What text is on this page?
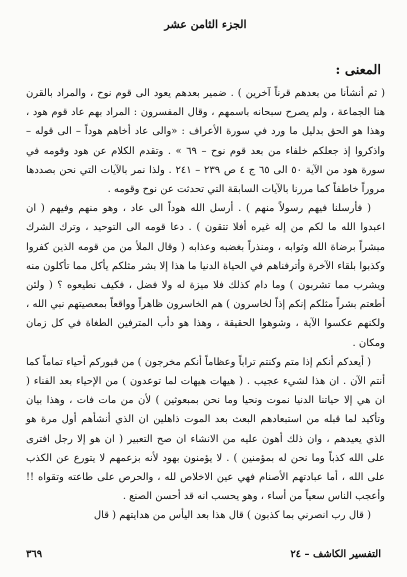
الجزء الثامن عشر
المعنى :

( ثم أنشأنا من بعدهم قرناً آخرين ) . ضمير بعدهم يعود الى قوم نوح ، والمراد بالقرن هنا الجماعة ، ولم يصرح سبحانه باسمهم ، وقال المفسرون : المراد بهم عاد قوم هود ، وهذا هو الحق بدليل ما ورد في سورة الأعراف : «والى عاد أخاهم هوداً – الى قوله – واذكروا إذ جعلكم خلفاء من بعد قوم نوح – ٦٩ » . وتقدم الكلام عن هود وقومه في سورة هود من الآية ٥٠ الى ٦٥ ج ٤ ص ٢٣٩ – ٢٤١ . ولذا نمر بالآيات التي نحن بصددها مروراً خاطفاً كما مررنا بالآيات السابقة التي تحدثت عن نوح وقومه .

( فأرسلنا فيهم رسولاً منهم ) . أرسل الله هوداً الى عاد ، وهو منهم وفيهم ( ان اعبدوا الله ما لكم من إله غيره أفلا تتقون ) . دعا قومه الى التوحيد ، وترك الشرك مبشراً برضاة الله وثوابه ، ومنذراً بغضبه وعذابه ( وقال الملأ من من قومه الذين كفروا وكذبوا بلقاء الآخرة وأترفناهم في الحياة الدنيا ما هذا إلا بشر مثلكم يأكل مما تأكلون منه ويشرب مما تشربون ) وما دام كذلك فلا ميزة له ولا فضل ، فكيف نطيعوه ؟ ( ولئن أطعتم بشراً مثلكم إنكم إذاً لخاسرون ) هم الخاسرون ظاهراً وواقعاً بمعصيتهم نبي الله ، ولكنهم عكسوا الآية ، وشوهوا الحقيقة ، وهذا هو دأب المترفين الطغاة في كل زمان ومكان .

( أيعدكم أنكم إذا متم وكنتم تراباً وعظاماً أنكم مخرجون ) من قبوركم أحياء تماماً كما أنتم الآن . ان هذا لشيء عجيب . ( هيهات هيهات لما توعدون ) من الإحياء بعد الفناء ( ان هي إلا حياتنا الدنيا نموت ونحيا وما نحن بمبعوثين ) لأن من مات فات ، وهذا بيان وتأكيد لما قبله من استبعادهم البعث بعد الموت ذاهلين ان الذي أنشأهم أول مرة هو الذي يعيدهم ، وان ذلك أهون عليه من الانشاء ان صح التعبير ( ان هو إلا رجل افترى على الله كذباً وما نحن له بمؤمنين ) . لا يؤمنون بهود لأنه بزعمهم لا يتورع عن الكذب على الله ، أما عبادتهم الأصنام فهي عين الاخلاص لله ، والحرص على طاعته وتقواه !! وأعجب الناس سعياً من أساء ، وهو يحسب انه قد أحسن الصنع .

( قال رب انصرني بما كذبون ) قال هذا بعد اليأس من هدايتهم ( قال

التفسير الكاشف – ٢٤
٣٦٩
